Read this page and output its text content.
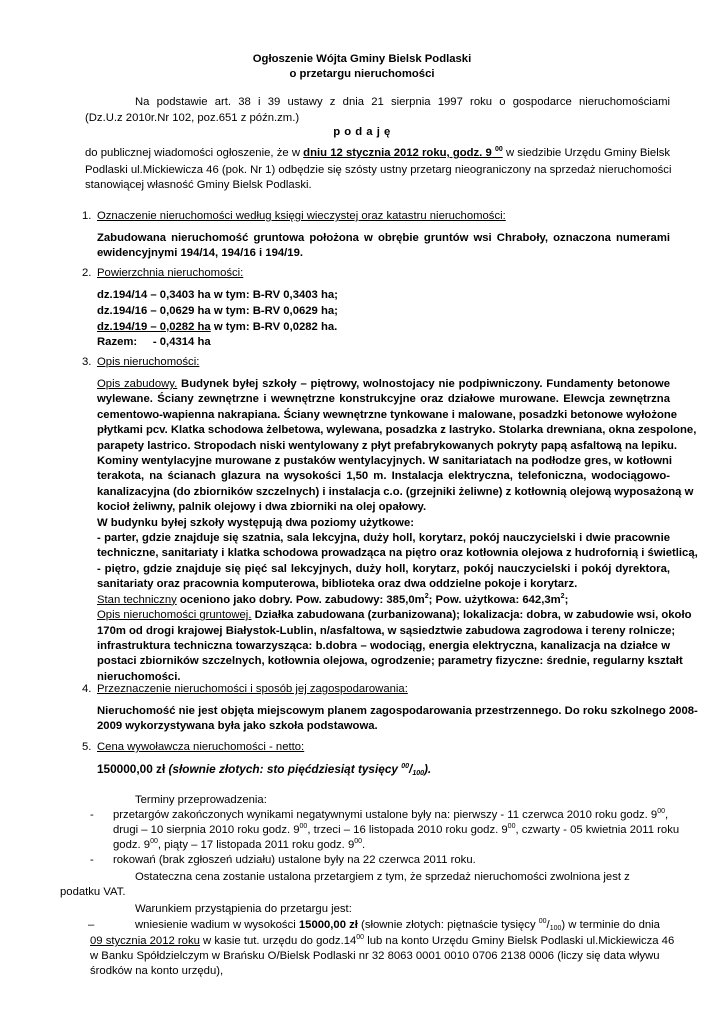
Ogłoszenie Wójta Gminy Bielsk Podlaski
o przetargu nieruchomości
Na podstawie art. 38 i 39 ustawy z dnia 21 sierpnia 1997 roku o gospodarce nieruchomościami
(Dz.U.z 2010r.Nr 102, poz.651 z późn.zm.)
p o d a j ę
do publicznej wiadomości ogłoszenie, że w dniu 12 stycznia 2012 roku, godz. 9 $^{00}$ w siedzibie Urzędu Gminy Bielsk
Podlaski ul.Mickiewicza 46 (pok. Nr 1) odbędzie się szósty ustny przetarg nieograniczony na sprzedaż nieruchomości
stanowiącej własność Gminy Bielsk Podlaski.
1. Oznaczenie nieruchomości według księgi wieczystej oraz katastru nieruchomości:
Zabudowana nieruchomość gruntowa położona w obrębie gruntów wsi Chraboły, oznaczona numerami
ewidencyjnymi 194/14, 194/16 i 194/19.
2. Powierzchnia nieruchomości:
dz.194/14 – 0,3403 ha w tym: B-RV 0,3403 ha;
dz.194/16 – 0,0629 ha w tym: B-RV 0,0629 ha;
dz.194/19 – 0,0282 ha w tym: B-RV 0,0282 ha.
Razem:     - 0,4314 ha
3. Opis nieruchomości:
Opis zabudowy. Budynek byłej szkoły – piętrowy, wolnostojacy nie podpiwniczony. Fundamenty betonowe
wylewane. Ściany zewnętrzne i wewnętrzne konstrukcyjne oraz działowe murowane. Elewcja zewnętrzna
cementowo-wapienna nakrapiana. Ściany wewnętrzne tynkowane i malowane, posadzki betonowe wyłożone
płytkami pcv. Klatka schodowa żelbetowa, wylewana, posadzka z lastryko. Stolarka drewniana, okna zespolone,
parapety lastrico. Stropodach niski wentylowany z płyt prefabrykowanych pokryty papą asfaltową na lepiku.
Kominy wentylacyjne murowane z pustaków wentylacyjnych. W sanitariatach na podłodze gres, w kotłowni
terakota, na ścianach glazura na wysokości 1,50 m. Instalacja elektryczna, telefoniczna, wodociągowo-
kanalizacyjna (do zbiorników szczelnych) i instalacja c.o. (grzejniki żeliwne) z kotłownią olejową wyposażoną w
kocioł żeliwny, palnik olejowy i dwa zbiorniki na olej opałowy.
W budynku byłej szkoły występują dwa poziomy użytkowe:
- parter, gdzie znajduje się szatnia, sala lekcyjna, duży holl, korytarz, pokój nauczycielski i dwie pracownie
techniczne, sanitariaty i klatka schodowa prowadząca na piętro oraz kotłownia olejowa z hudrofornią i świetlicą,
- piętro, gdzie znajduje się pięć sal lekcyjnych, duży holl, korytarz, pokój nauczycielski i pokój dyrektora,
sanitariaty oraz pracownia komputerowa, biblioteka oraz dwa oddzielne pokoje i korytarz.
Stan techniczny oceniono jako dobry. Pow. zabudowy: $385,0m^2$; Pow. użytkowa: $642,3m^2$;
Opis nieruchomości gruntowej. Działka zabudowana (zurbanizowana); lokalizacja: dobra, w zabudowie wsi, około
170m od drogi krajowej Białystok-Lublin, n/asfaltowa, w sąsiedztwie zabudowa zagrodowa i tereny rolnicze;
infrastruktura techniczna towarzysząca: b.dobra – wodociąg, energia elektryczna, kanalizacja na działce w
postaci zbiorników szczelnych, kotłownia olejowa, ogrodzenie; parametry fizyczne: średnie, regularny kształt
nieruchomości.
4. Przeznaczenie nieruchomości i sposób jej zagospodarowania:
Nieruchomość nie jest objęta miejscowym planem zagospodarowania przestrzennego. Do roku szkolnego 2008-
2009 wykorzystywana była jako szkoła podstawowa.
5. Cena wywoławcza nieruchomości - netto:
150000,00 zł (słownie złotych: sto pięćdziesiąt tysięcy $^{00}/_{100}$).
Terminy przeprowadzenia:
-	przetargów zakończonych wynikami negatywnymi ustalone były na: pierwszy - 11 czerwca 2010 roku godz. $9^{00}$,
drugi – 10 sierpnia 2010 roku godz. $9^{00}$, trzeci – 16 listopada 2010 roku godz. $9^{00}$, czwarty - 05 kwietnia 2011 roku
godz. $9^{00}$, piąty – 17 listopada 2011 roku godz. $9^{00}$.
-	rokowań (brak zgłoszeń udziału) ustalone były na 22 czerwca 2011 roku.
Ostateczna cena zostanie ustalona przetargiem z tym, że sprzedaż nieruchomości zwolniona jest z
podatku VAT.
Warunkiem przystąpienia do przetargu jest:
–	wniesienie wadium w wysokości 15000,00 zł (słownie złotych: piętnaście tysięcy $^{00}/_{100}$) w terminie do dnia
09 stycznia 2012 roku w kasie tut. urzędu do $godz.14^{00}$ lub na konto Urzędu Gminy Bielsk Podlaski ul.Mickiewicza 46
w Banku Spółdzielczym w Brańsku O/Bielsk Podlaski nr 32 8063 0001 0010 0706 2138 0006 (liczy się data wływu
środków na konto urzędu),
